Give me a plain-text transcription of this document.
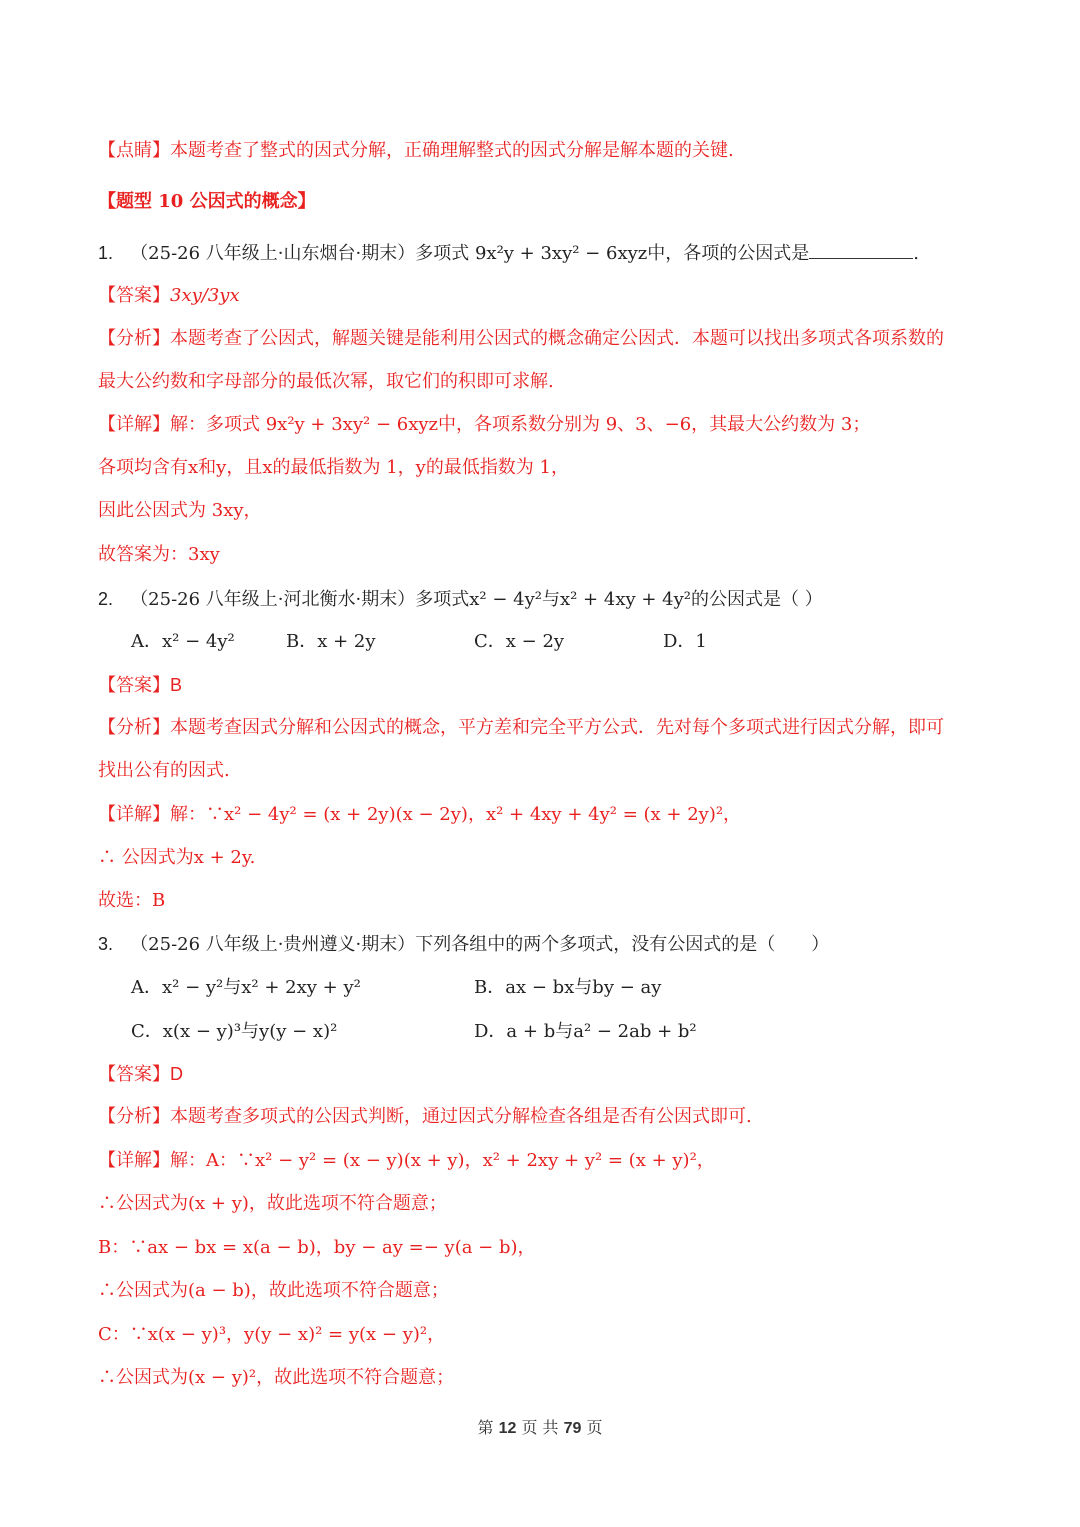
【点睛】本题考查了整式的因式分解，正确理解整式的因式分解是解本题的关键.
【题型 10 公因式的概念】
1. （25-26 八年级上·山东烟台·期末）多项式 9x²y + 3xy² − 6xyz中，各项的公因式是	.
【答案】3xy/3yx
【分析】本题考查了公因式，解题关键是能利用公因式的概念确定公因式．本题可以找出多项式各项系数的
最大公约数和字母部分的最低次幂，取它们的积即可求解.
【详解】解：多项式 9x²y + 3xy² − 6xyz中，各项系数分别为 9、3、−6，其最大公约数为 3；
各项均含有x和y，且x的最低指数为 1，y的最低指数为 1，
因此公因式为 3xy，
故答案为：3xy
2. （25-26 八年级上·河北衡水·期末）多项式x² − 4y²与x² + 4xy + 4y²的公因式是（ ）
A．x² − 4y²	B．x + 2y	C．x − 2y	D．1
【答案】B
【分析】本题考查因式分解和公因式的概念，平方差和完全平方公式．先对每个多项式进行因式分解，即可
找出公有的因式.
【详解】解：∵x² − 4y² = (x + 2y)(x − 2y)，x² + 4xy + 4y² = (x + 2y)²，
∴ 公因式为x + 2y.
故选：B
3. （25-26 八年级上·贵州遵义·期末）下列各组中的两个多项式，没有公因式的是（　　）
A．x² − y²与x² + 2xy + y²	B．ax − bx与by − ay
C．x(x − y)³与y(y − x)²	D．a + b与a² − 2ab + b²
【答案】D
【分析】本题考查多项式的公因式判断，通过因式分解检查各组是否有公因式即可.
【详解】解：A：∵x² − y² = (x − y)(x + y)，x² + 2xy + y² = (x + y)²，
∴公因式为(x + y)，故此选项不符合题意；
B：∵ax − bx = x(a − b)，by − ay =− y(a − b)，
∴公因式为(a − b)，故此选项不符合题意；
C：∵x(x − y)³，y(y − x)² = y(x − y)²，
∴公因式为(x − y)²，故此选项不符合题意；
第 12 页 共 79 页
